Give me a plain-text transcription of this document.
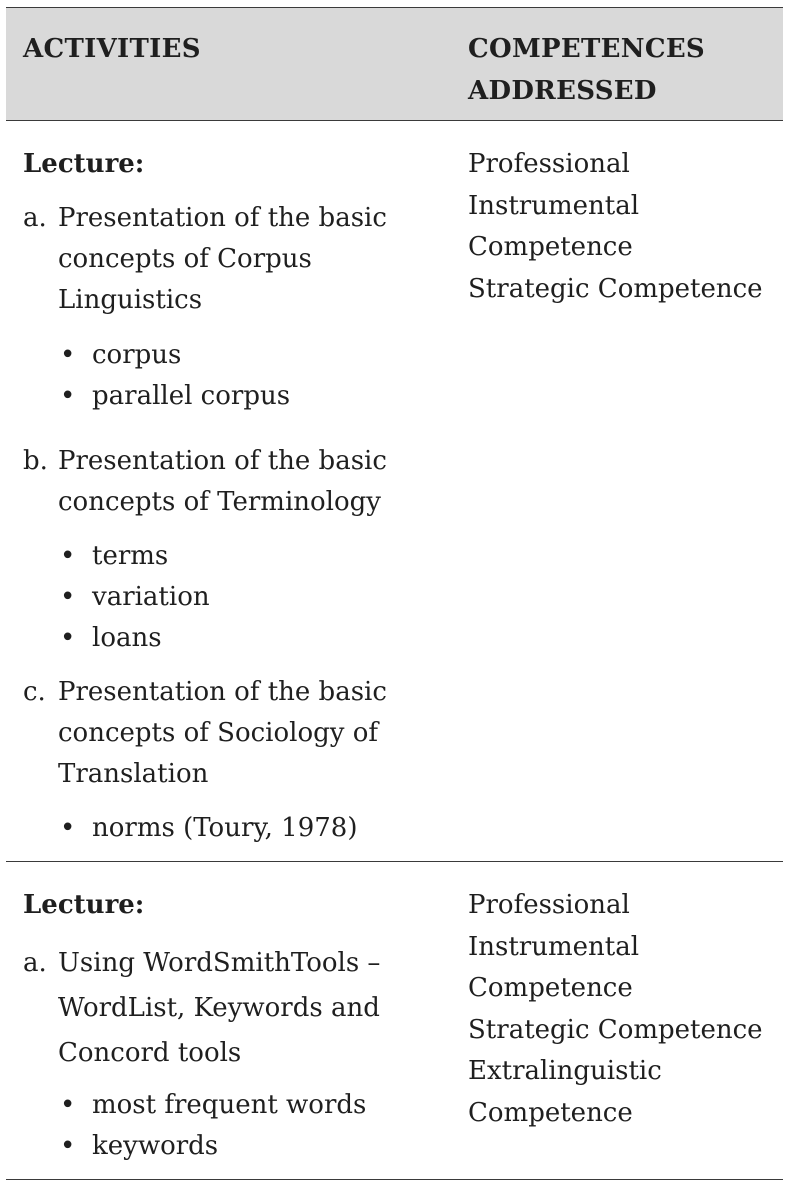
ACTIVITIES	COMPETENCES ADDRESSED
Lecture:
a. Presentation of the basic concepts of Corpus Linguistics
• corpus
• parallel corpus
b. Presentation of the basic concepts of Terminology
• terms
• variation
• loans
c. Presentation of the basic concepts of Sociology of Translation
• norms (Toury, 1978)
Professional
Instrumental
Competence
Strategic Competence
Lecture:
a. Using WordSmithTools – WordList, Keywords and Concord tools
• most frequent words
• keywords
Professional
Instrumental
Competence
Strategic Competence
Extralinguistic
Competence
